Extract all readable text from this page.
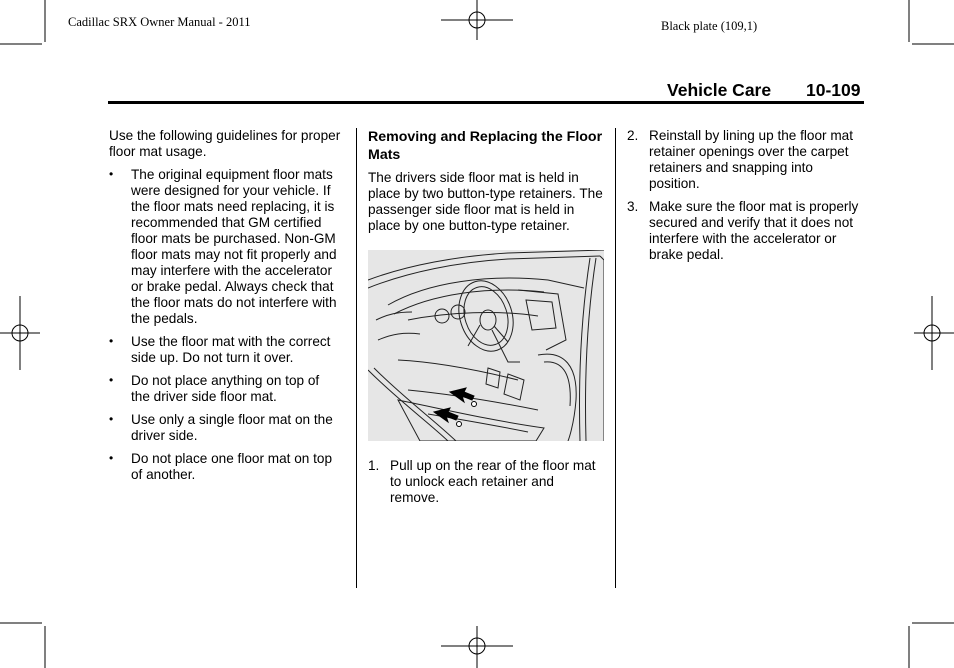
Cadillac SRX Owner Manual - 2011	Black plate (109,1)
Vehicle Care 10-109

Use the following guidelines for proper floor mat usage.

• The original equipment floor mats were designed for your vehicle. If the floor mats need replacing, it is recommended that GM certified floor mats be purchased. Non-GM floor mats may not fit properly and may interfere with the accelerator or brake pedal. Always check that the floor mats do not interfere with the pedals.
• Use the floor mat with the correct side up. Do not turn it over.
• Do not place anything on top of the driver side floor mat.
• Use only a single floor mat on the driver side.
• Do not place one floor mat on top of another.

Removing and Replacing the Floor Mats

The drivers side floor mat is held in place by two button-type retainers. The passenger side floor mat is held in place by one button-type retainer.

1. Pull up on the rear of the floor mat to unlock each retainer and remove.
2. Reinstall by lining up the floor mat retainer openings over the carpet retainers and snapping into position.
3. Make sure the floor mat is properly secured and verify that it does not interfere with the accelerator or brake pedal.
